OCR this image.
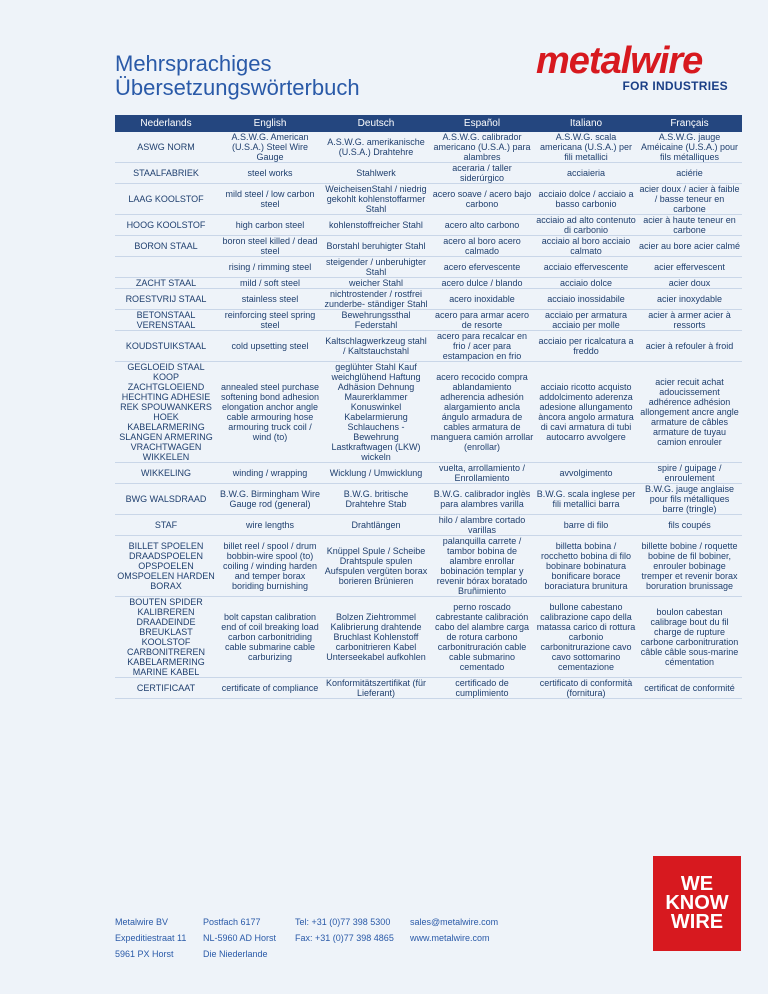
Mehrsprachiges
Übersetzungswörterbuch
metalwire
FOR INDUSTRIES
Nederlands	English	Deutsch	Español	Italiano	Français
ASWG NORM	A.S.W.G. American (U.S.A.) Steel Wire Gauge	A.S.W.G. amerikanische (U.S.A.) Drahtehre	A.S.W.G. calibrador americano (U.S.A.) para alambres	A.S.W.G. scala americana (U.S.A.) per fili metallici	A.S.W.G. jauge Améicaine (U.S.A.) pour fils métalliques
STAALFABRIEK	steel works	Stahlwerk	aceraria / taller siderúrgico	acciaieria	aciérie
LAAG KOOLSTOF	mild steel / low carbon steel	WeicheisenStahl / niedrig gekohlt kohlenstoffarmer Stahl	acero soave / acero bajo carbono	acciaio dolce / acciaio a basso carbonio	acier doux / acier à faible / basse teneur en carbone
HOOG KOOLSTOF	high carbon steel	kohlenstoffreicher Stahl	acero alto carbono	acciaio ad alto contenuto di carbonio	acier à haute teneur en carbone
BORON STAAL	boron steel killed / dead steel	Borstahl beruhigter Stahl	acero al boro acero calmado	acciaio al boro acciaio calmato	acier au bore acier calmé
	rising / rimming steel	steigender / unberuhigter Stahl	acero efervescente	acciaio effervescente	acier effervescent
ZACHT STAAL	mild / soft steel	weicher Stahl	acero dulce / blando	acciaio dolce	acier doux
ROESTVRIJ STAAL	stainless steel	nichtrostender / rostfrei zunderbe- ständiger Stahl	acero inoxidable	acciaio inossidabile	acier inoxydable
BETONSTAAL VERENSTAAL	reinforcing steel spring steel	Bewehrungssthal Federstahl	acero para armar acero de resorte	acciaio per armatura acciaio per molle	acier à armer acier à ressorts
KOUDSTUIKSTAAL	cold upsetting steel	Kaltschlagwerkzeug stahl / Kaltstauchstahl	acero para recalcar en frio / acer para estampacion en frio	acciaio per ricalcatura a freddo	acier à refouler à froid
GEGLOEID STAAL KOOP ZACHTGLOEIEND HECHTING ADHESIE REK SPOUWANKERS HOEK KABELARMERING SLANGEN ARMERING VRACHTWAGEN WIKKELEN	annealed steel purchase softening bond adhesion elongation anchor angle cable armouring hose armouring truck coil / wind (to)	geglühter Stahl Kauf weichglühend Haftung Adhäsion Dehnung Maurerklammer Konuswinkel Kabelarmierung Schlauchens - Bewehrung Lastkraftwagen (LKW) wickeln	acero recocido compra ablandamiento adherencia adhesión alargamiento ancla ángulo armadura de cables armatura de manguera camión arrollar (enrollar)	acciaio ricotto acquisto addolcimento aderenza adesione allungamento àncora angolo armatura di cavi armatura di tubi autocarro avvolgere	acier recuit achat adoucissement adhérence adhésion allongement ancre angle armature de câbles armature de tuyau camion enrouler
WIKKELING	winding / wrapping	Wicklung / Umwicklung	vuelta, arrollamiento / Enrollamiento	avvolgimento	spire / guipage / enroulement
BWG WALSDRAAD	B.W.G. Birmingham Wire Gauge rod (general)	B.W.G. britische Drahtehre Stab	B.W.G. calibrador inglès para alambres varilla	B.W.G. scala inglese per fili metallici barra	B.W.G. jauge anglaise pour fils métalliques barre (tringle)
STAF	wire lengths	Drahtlängen	hilo / alambre cortado varillas	barre di filo	fils coupés
BILLET SPOELEN DRAADSPOELEN OPSPOELEN OMSPOELEN HARDEN BORAX	billet reel / spool / drum bobbin-wire spool (to) coiling / winding harden and temper borax boriding burnishing	Knüppel Spule / Scheibe Drahtspule spulen Aufspulen vergüten borax borieren Brünieren	palanquilla carrete / tambor bobina de alambre enrollar bobinación templar y revenir bórax boratado Bruñimiento	billetta bobina / rocchetto bobina di filo bobinare bobinatura bonificare borace boraciatura brunitura	billette bobine / roquette bobine de fil bobiner, enrouler bobinage tremper et revenir borax boruration brunissage
BOUTEN SPIDER KALIBREREN DRAADEINDE BREUKLAST KOOLSTOF CARBONITREREN KABELARMERING MARINE KABEL	bolt capstan calibration end of coil breaking load carbon carbonitriding cable submarine cable carburizing	Bolzen Ziehtrommel Kalibrierung drahtende Bruchlast Kohlenstoff carbonitrieren Kabel Unterseekabel aufkohlen	perno roscado cabrestante calibración cabo del alambre carga de rotura carbono carbonitruración cable cable submarino cementado	bullone cabestano calibrazione capo della matassa carico di rottura carbonio carbonitrurazione cavo cavo sottomarino cementazione	boulon cabestan calibrage bout du fil charge de rupture carbone carbonitruration câble câble sous-marine cémentation
CERTIFICAAT	certificate of compliance	Konformitätszertifikat (für Lieferant)	certificado de cumplimiento	certificato di conformità (fornitura)	certificat de conformité
Metalwire BV
Expeditiestraat 11
5961 PX Horst
Postfach 6177
NL-5960 AD Horst
Die Niederlande
Tel: +31 (0)77 398 5300
Fax: +31 (0)77 398 4865
sales@metalwire.com
www.metalwire.com
WE
KNOW
WIRE
